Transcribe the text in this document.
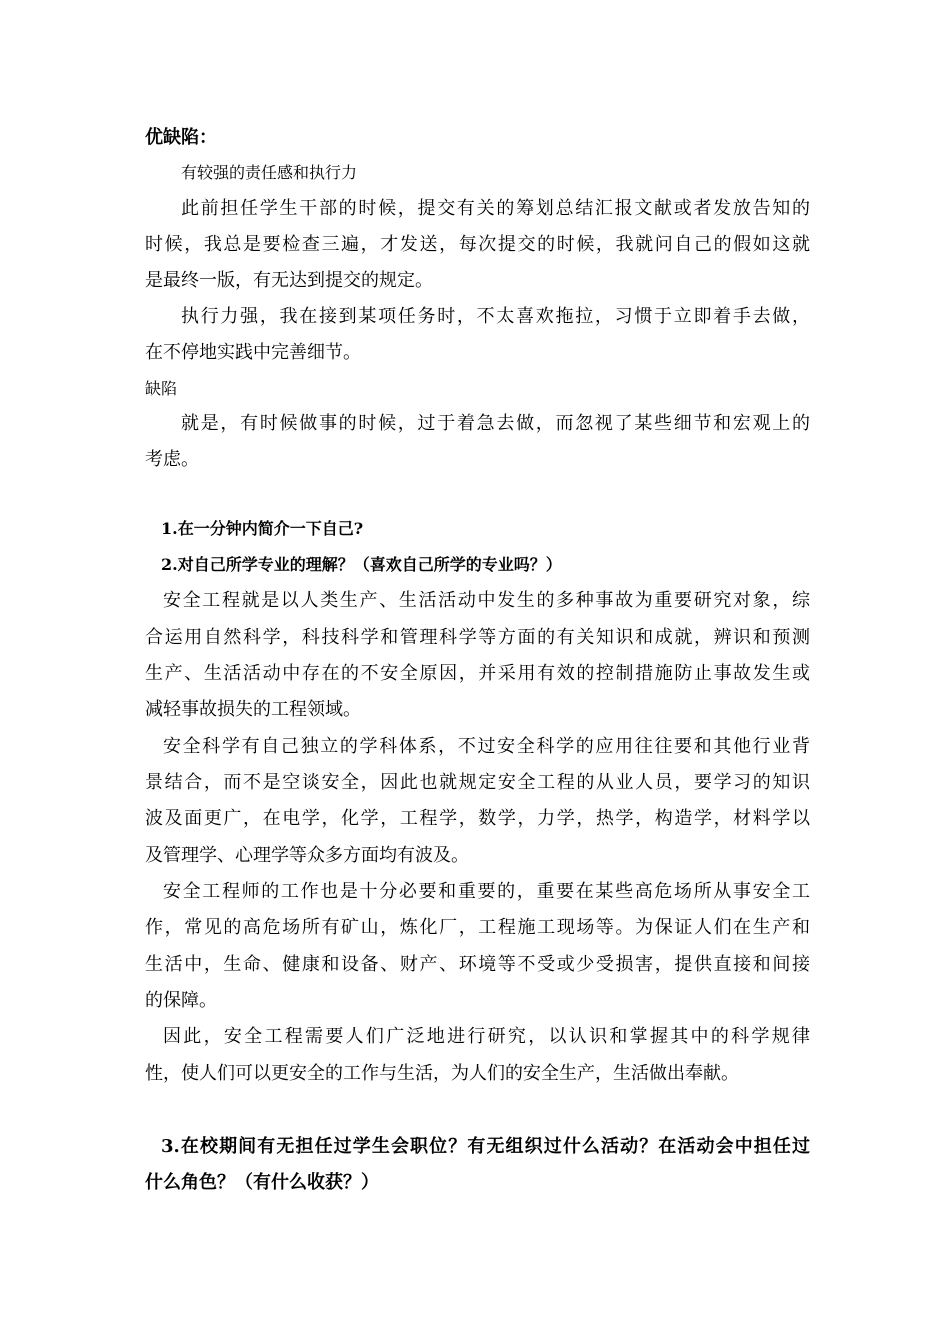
优缺陷：
有较强的责任感和执行力
此前担任学生干部的时候，提交有关的筹划总结汇报文献或者发放告知的
时候，我总是要检查三遍，才发送，每次提交的时候，我就问自己的假如这就
是最终一版，有无达到提交的规定。
执行力强，我在接到某项任务时，不太喜欢拖拉，习惯于立即着手去做，
在不停地实践中完善细节。
缺陷
就是，有时候做事的时候，过于着急去做，而忽视了某些细节和宏观上的
考虑。
1.在一分钟内简介一下自己?
2.对自己所学专业的理解？（喜欢自己所学的专业吗？）
安全工程就是以人类生产、生活活动中发生的多种事故为重要研究对象，综
合运用自然科学，科技科学和管理科学等方面的有关知识和成就，辨识和预测
生产、生活活动中存在的不安全原因，并采用有效的控制措施防止事故发生或
减轻事故损失的工程领域。
安全科学有自己独立的学科体系，不过安全科学的应用往往要和其他行业背
景结合，而不是空谈安全，因此也就规定安全工程的从业人员，要学习的知识
波及面更广，在电学，化学，工程学，数学，力学，热学，构造学，材料学以
及管理学、心理学等众多方面均有波及。
安全工程师的工作也是十分必要和重要的，重要在某些高危场所从事安全工
作，常见的高危场所有矿山，炼化厂，工程施工现场等。为保证人们在生产和
生活中，生命、健康和设备、财产、环境等不受或少受损害，提供直接和间接
的保障。
因此，安全工程需要人们广泛地进行研究，以认识和掌握其中的科学规律
性，使人们可以更安全的工作与生活，为人们的安全生产，生活做出奉献。
3.在校期间有无担任过学生会职位？有无组织过什么活动？在活动会中担任过
什么角色？（有什么收获？）
